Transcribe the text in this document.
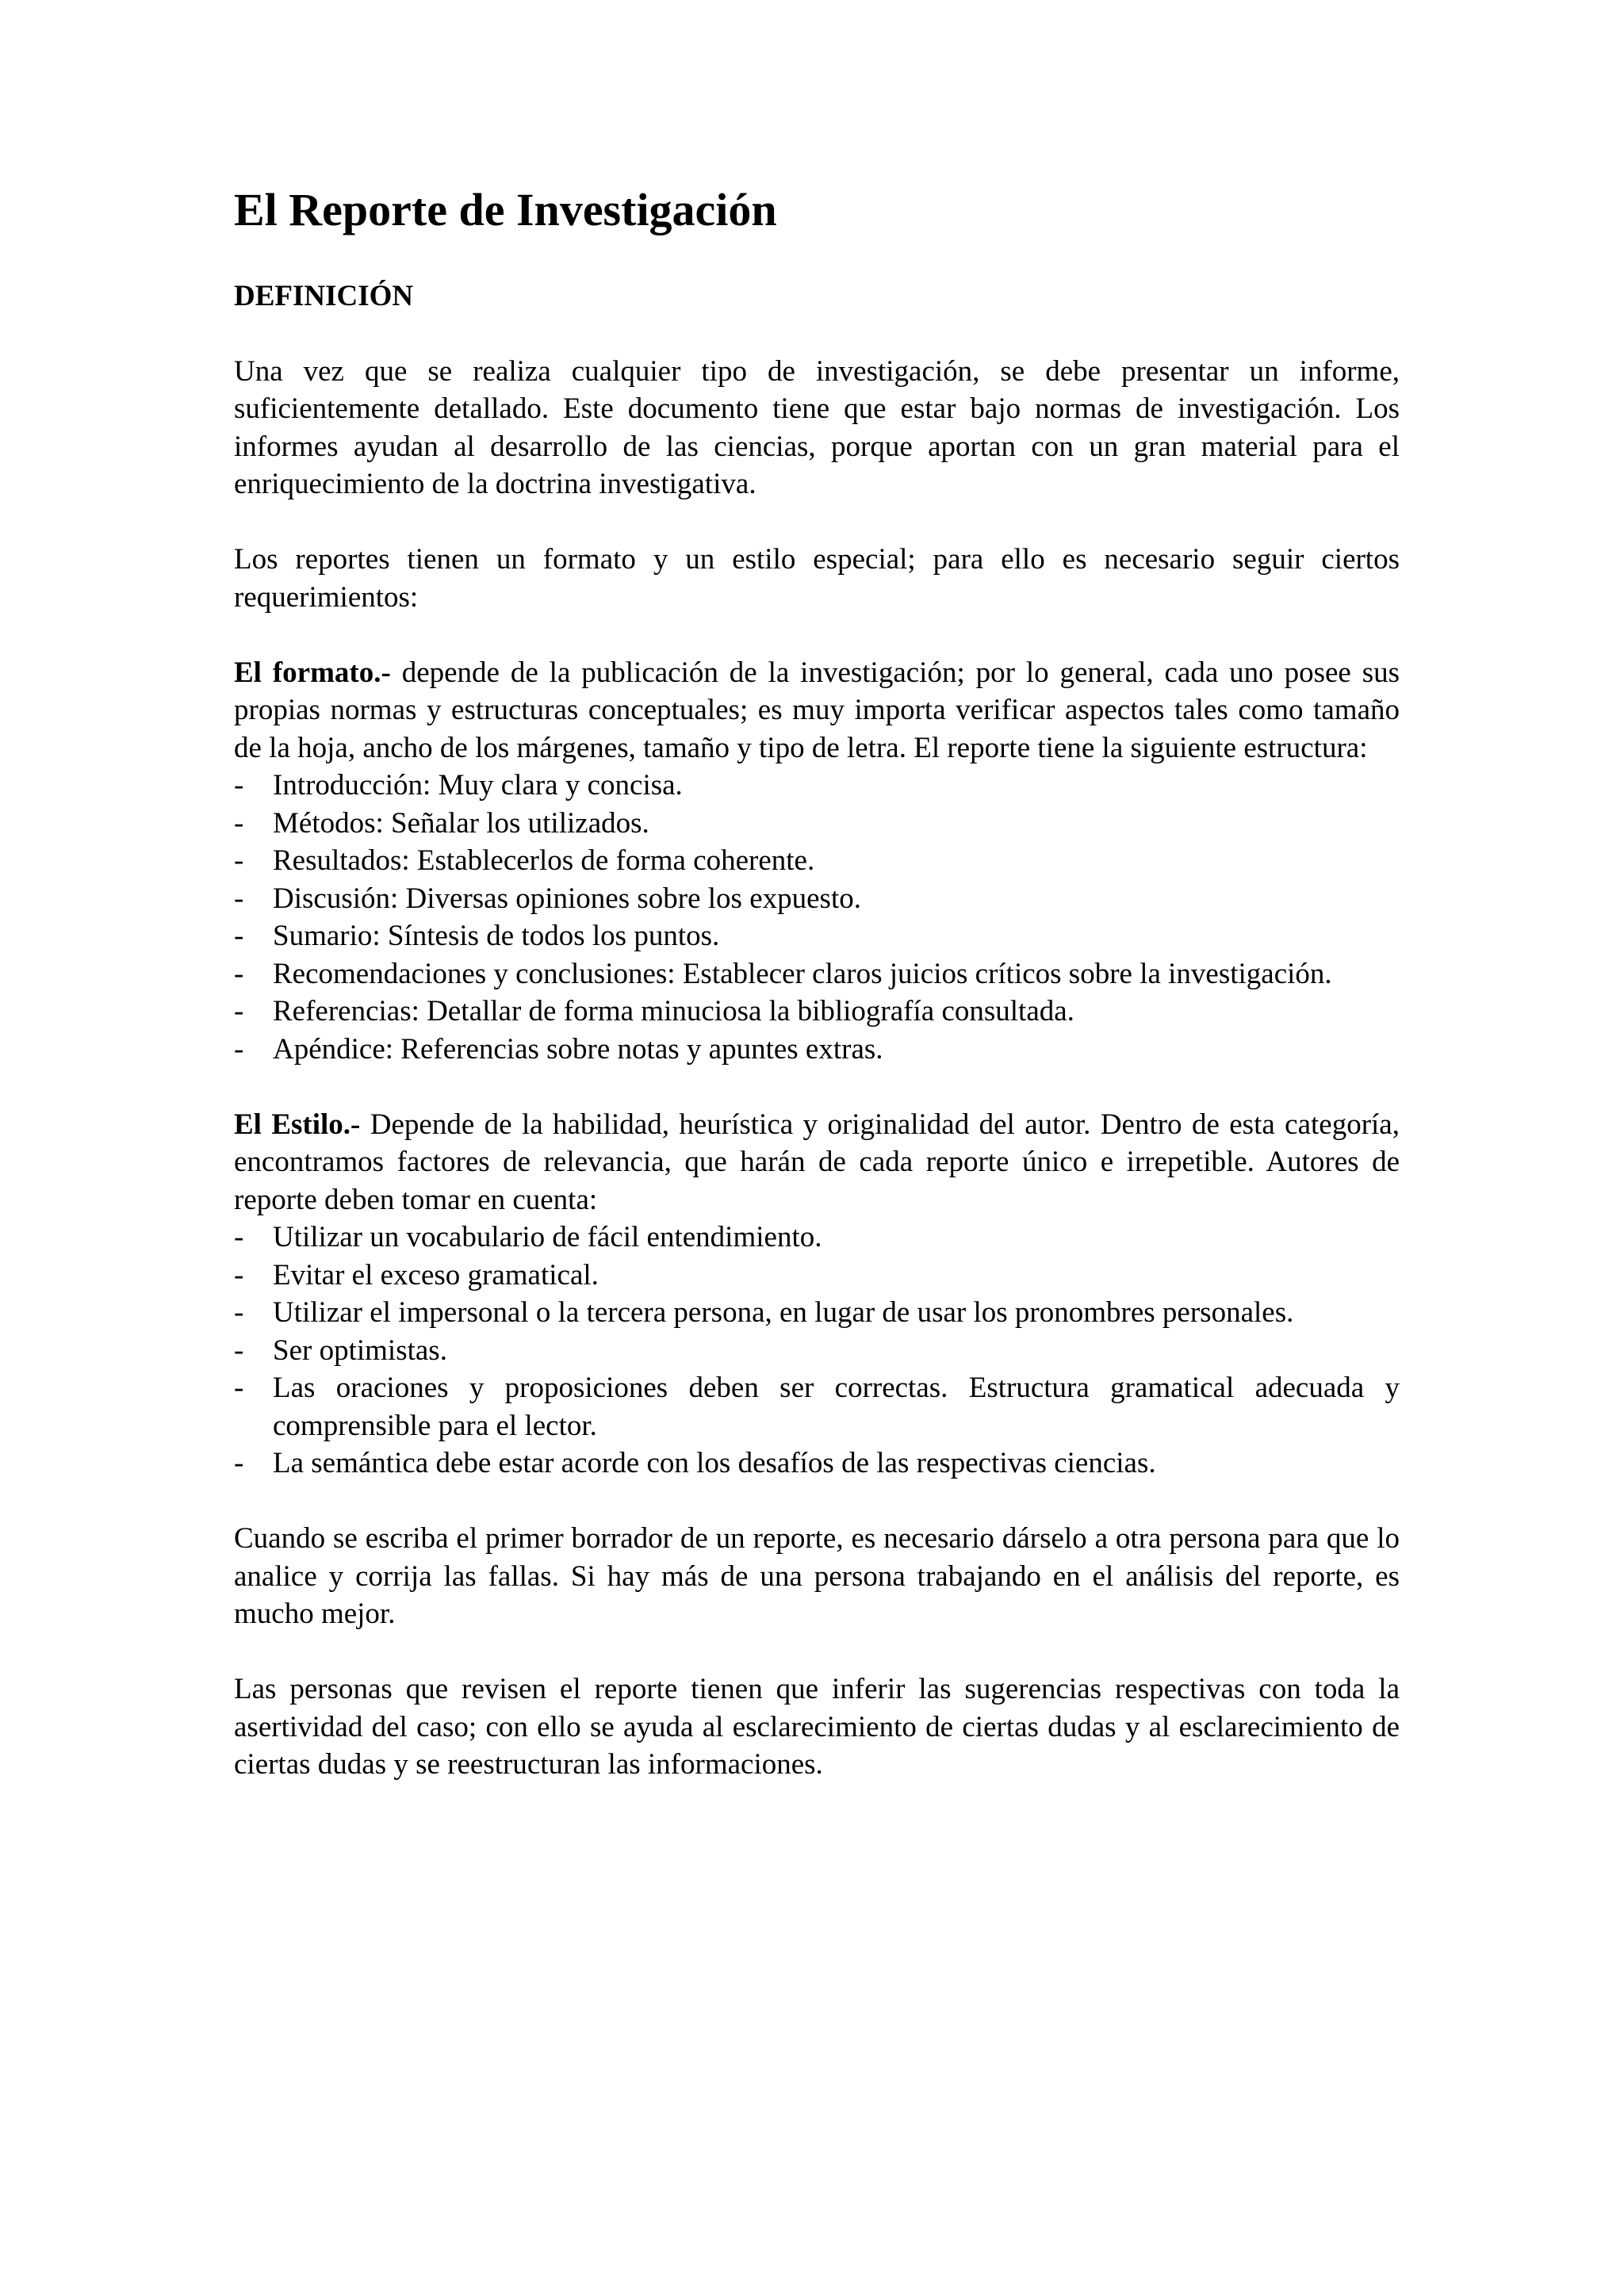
El Reporte de Investigación
DEFINICIÓN

Una vez que se realiza cualquier tipo de investigación, se debe presentar un informe, suficientemente detallado. Este documento tiene que estar bajo normas de investigación. Los informes ayudan al desarrollo de las ciencias, porque aportan con un gran material para el enriquecimiento de la doctrina investigativa.

Los reportes tienen un formato y un estilo especial; para ello es necesario seguir ciertos requerimientos:

El formato.- depende de la publicación de la investigación; por lo general, cada uno posee sus propias normas y estructuras conceptuales; es muy importa verificar aspectos tales como tamaño de la hoja, ancho de los márgenes, tamaño y tipo de letra. El reporte tiene la siguiente estructura:

- Introducción: Muy clara y concisa.
- Métodos: Señalar los utilizados.
- Resultados: Establecerlos de forma coherente.
- Discusión: Diversas opiniones sobre los expuesto.
- Sumario: Síntesis de todos los puntos.
- Recomendaciones y conclusiones: Establecer claros juicios críticos sobre la investigación.
- Referencias: Detallar de forma minuciosa la bibliografía consultada.
- Apéndice: Referencias sobre notas y apuntes extras.

El Estilo.- Depende de la habilidad, heurística y originalidad del autor. Dentro de esta categoría, encontramos factores de relevancia, que harán de cada reporte único e irrepetible. Autores de reporte deben tomar en cuenta:

- Utilizar un vocabulario de fácil entendimiento.
- Evitar el exceso gramatical.
- Utilizar el impersonal o la tercera persona, en lugar de usar los pronombres personales.
- Ser optimistas.
- Las oraciones y proposiciones deben ser correctas. Estructura gramatical adecuada y comprensible para el lector.
- La semántica debe estar acorde con los desafíos de las respectivas ciencias.

Cuando se escriba el primer borrador de un reporte, es necesario dárselo a otra persona para que lo analice y corrija las fallas. Si hay más de una persona trabajando en el análisis del reporte, es mucho mejor.

Las personas que revisen el reporte tienen que inferir las sugerencias respectivas con toda la asertividad del caso; con ello se ayuda al esclarecimiento de ciertas dudas y al esclarecimiento de ciertas dudas y se reestructuran las informaciones.
